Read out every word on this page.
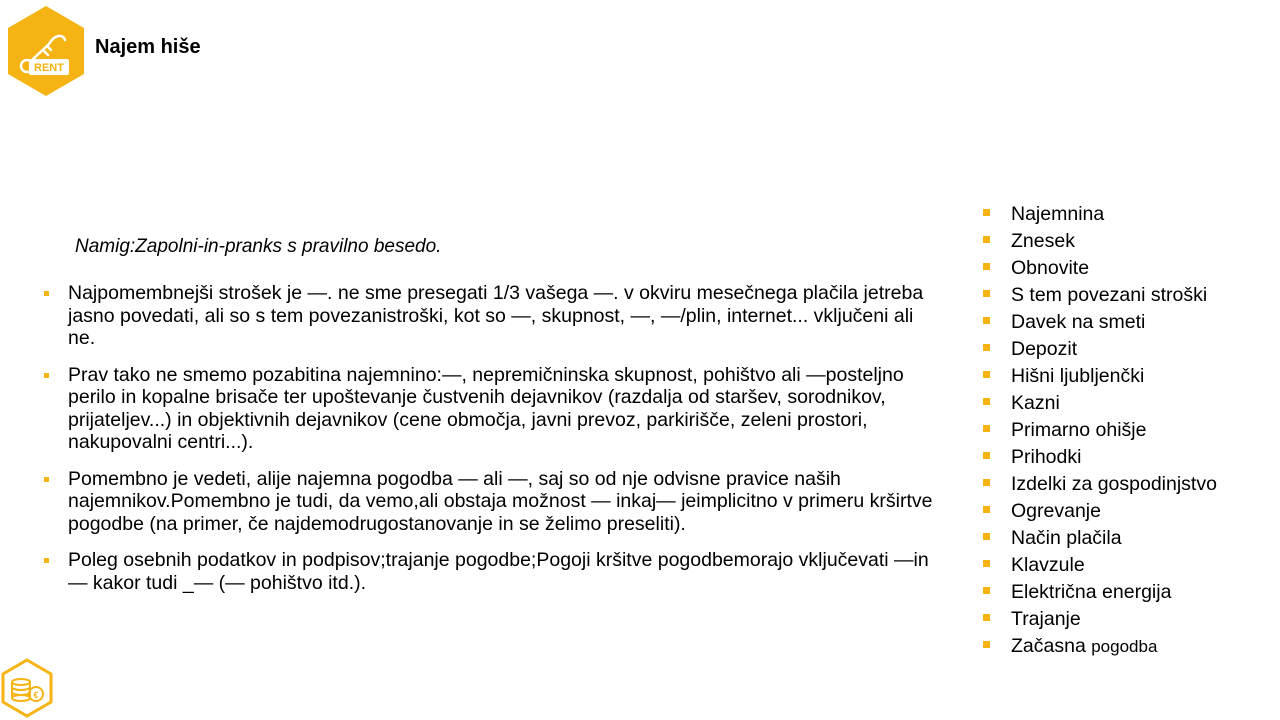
RENT
Najem hiše
Namig:Zapolni-in-pranks s pravilno besedo.
Najpomembnejši strošek je —. ne sme presegati 1/3 vašega —. v okviru mesečnega plačila jetreba jasno povedati, ali so s tem povezanistroški, kot so —, skupnost, —, —/plin, internet... vključeni ali ne.
Prav tako ne smemo pozabitina najemnino:—, nepremičninska skupnost, pohištvo ali —posteljno perilo in kopalne brisače ter upoštevanje čustvenih dejavnikov (razdalja od staršev, sorodnikov, prijateljev...) in objektivnih dejavnikov (cene območja, javni prevoz, parkirišče, zeleni prostori, nakupovalni centri...).
Pomembno je vedeti, alije najemna pogodba — ali —, saj so od nje odvisne pravice naših najemnikov.Pomembno je tudi, da vemo,ali obstaja možnost — inkaj— jeimplicitno v primeru krširtve pogodbe (na primer, če najdemodrugostanovanje in se želimo preseliti).
Poleg osebnih podatkov in podpisov;trajanje pogodbe;Pogoji kršitve pogodbemorajo vključevati —in — kakor tudi _— (— pohištvo itd.).
Najemnina
Znesek
Obnovite
S tem povezani stroški
Davek na smeti
Depozit
Hišni ljubljenčki
Kazni
Primarno ohišje
Prihodki
Izdelki za gospodinjstvo
Ogrevanje
Način plačila
Klavzule
Električna energija
Trajanje
Začasna pogodba
€
